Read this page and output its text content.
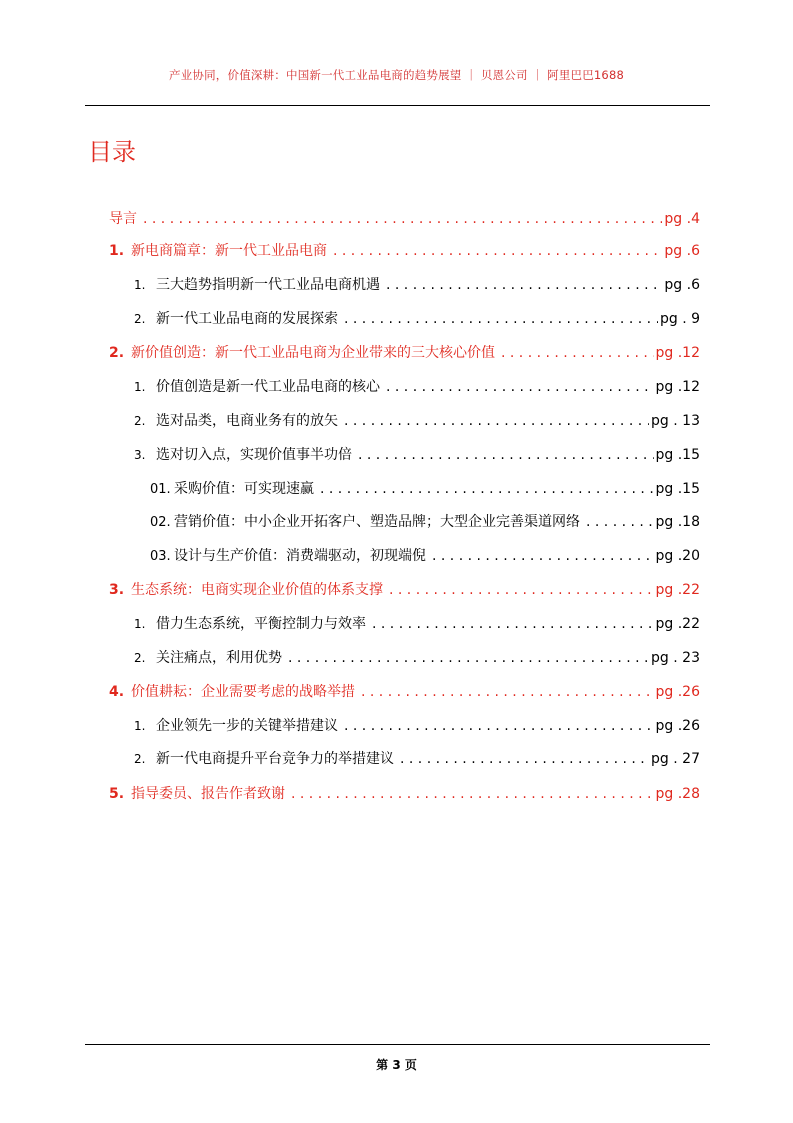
产业协同，价值深耕：中国新一代工业品电商的趋势展望 ｜ 贝恩公司 ｜ 阿里巴巴1688
目录
导言 . . .	pg .4
1. 新电商篇章：新一代工业品电商 . . .	pg .6
1. 三大趋势指明新一代工业品电商机遇 . . .	pg .6
2. 新一代工业品电商的发展探索 . . .	pg . 9
2. 新价值创造：新一代工业品电商为企业带来的三大核心价值 . . .	pg .12
1. 价值创造是新一代工业品电商的核心 . . .	pg .12
2. 选对品类，电商业务有的放矢 . . .	pg . 13
3. 选对切入点，实现价值事半功倍 . . .	pg .15
01. 采购价值：可实现速赢 . . .	pg .15
02. 营销价值：中小企业开拓客户、塑造品牌；大型企业完善渠道网络 . . .	pg .18
03. 设计与生产价值：消费端驱动，初现端倪 . . .	pg .20
3. 生态系统：电商实现企业价值的体系支撑 . . .	pg .22
1. 借力生态系统，平衡控制力与效率 . . .	pg .22
2. 关注痛点，利用优势 . . .	pg . 23
4. 价值耕耘：企业需要考虑的战略举措 . . .	pg .26
1. 企业领先一步的关键举措建议 . . .	pg .26
2. 新一代电商提升平台竞争力的举措建议 . . .	pg . 27
5. 指导委员、报告作者致谢 . . .	pg .28
第 3 页
